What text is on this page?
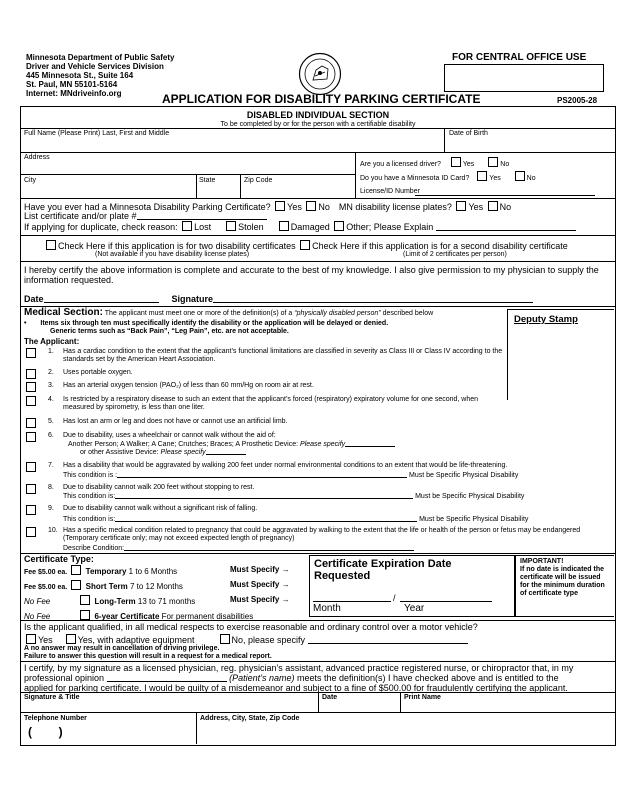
Minnesota Department of Public Safety
Driver and Vehicle Services Division
445 Minnesota St., Suite 164
St. Paul, MN 55101-5164
Internet: MNdriveinfo.org
FOR CENTRAL OFFICE USE
APPLICATION FOR DISABILITY PARKING CERTIFICATE	PS2005-28
DISABLED INDIVIDUAL SECTION
To be completed by or for the person with a certifiable disability
Full Name (Please Print) Last, First and Middle	Date of Birth
Address
City	State	Zip Code
Are you a licensed driver?	Yes	No
Do you have a Minnesota ID Card?	Yes	No
License/ID Number
Have you ever had a Minnesota Disability Parking Certificate? Yes No MN disability license plates? Yes No
List certificate and/or plate #
If applying for duplicate, check reason: Lost	Stolen	Damaged Other; Please Explain
Check Here if this application is for two disability certificates Check Here if this application is for a second disability certificate
(Not available if you have disability license plates)	(Limit of 2 certificates per person)
I hereby certify the above information is complete and accurate to the best of my knowledge. I also give permission to my physician to supply the information requested.
Date	Signature
Medical Section: The applicant must meet one or more of the definition(s) of a “physically disabled person” described below
• Items six through ten must specifically identify the disability or the application will be delayed or denied.
Generic terms such as “Back Pain”, “Leg Pain”, etc. are not acceptable.
The Applicant:
Deputy Stamp
1. Has a cardiac condition to the extent that the applicant’s functional limitations are classified in severity as Class III or Class IV according to the standards set by the American Heart Association.
2. Uses portable oxygen.
3. Has an arterial oxygen tension (PAO₂) of less than 60 mm/Hg on room air at rest.
4. Is restricted by a respiratory disease to such an extent that the applicant’s forced (respiratory) expiratory volume for one second, when measured by spirometry, is less than one liter.
5. Has lost an arm or leg and does not have or cannot use an artificial limb.
6. Due to disability, uses a wheelchair or cannot walk without the aid of:
Another Person; A Walker; A Cane; Crutches; Braces; A Prosthetic Device: Please specify
or other Assistive Device: Please specify
7. Has a disability that would be aggravated by walking 200 feet under normal environmental conditions to an extent that would be life-threatening.
This condition is :	Must be Specific Physical Disability
8. Due to disability cannot walk 200 feet without stopping to rest.
This condition is:	Must be Specific Physical Disability
9. Due to disability cannot walk without a significant risk of falling.
This condition is:	Must be Specific Physical Disability
10. Has a specific medical condition related to pregnancy that could be aggravated by walking to the extent that the life or health of the person or fetus may be endangered (Temporary certificate only; may not exceed expected length of pregnancy)
Describe Condition:
Certificate Type:
Fee $5.00 ea. Temporary 1 to 6 Months	Must Specify →
Fee $5.00 ea. Short Term 7 to 12 Months	Must Specify →
No Fee	Long-Term 13 to 71 months	Must Specify →
No Fee	6-year Certificate For permanent disabilities
Certificate Expiration Date Requested
/
Month	Year
IMPORTANT!
If no date is indicated the certificate will be issued for the minimum duration of certificate type
Is the applicant qualified, in all medical respects to exercise reasonable and ordinary control over a motor vehicle?
Yes	Yes, with adaptive equipment	No, please specify
A no answer may result in cancellation of driving privilege.
Failure to answer this question will result in a request for a medical report.
I certify, by my signature as a licensed physician, reg. physician’s assistant, advanced practice registered nurse, or chiropractor that, in my
professional opinion	(Patient’s name) meets the definition(s) I have checked above and is entitled to the
applied for parking certificate. I would be guilty of a misdemeanor and subject to a fine of $500.00 for fraudulently certifying the applicant.
Signature & Title	Date	Print Name
Telephone Number
(        )
Address, City, State, Zip Code
